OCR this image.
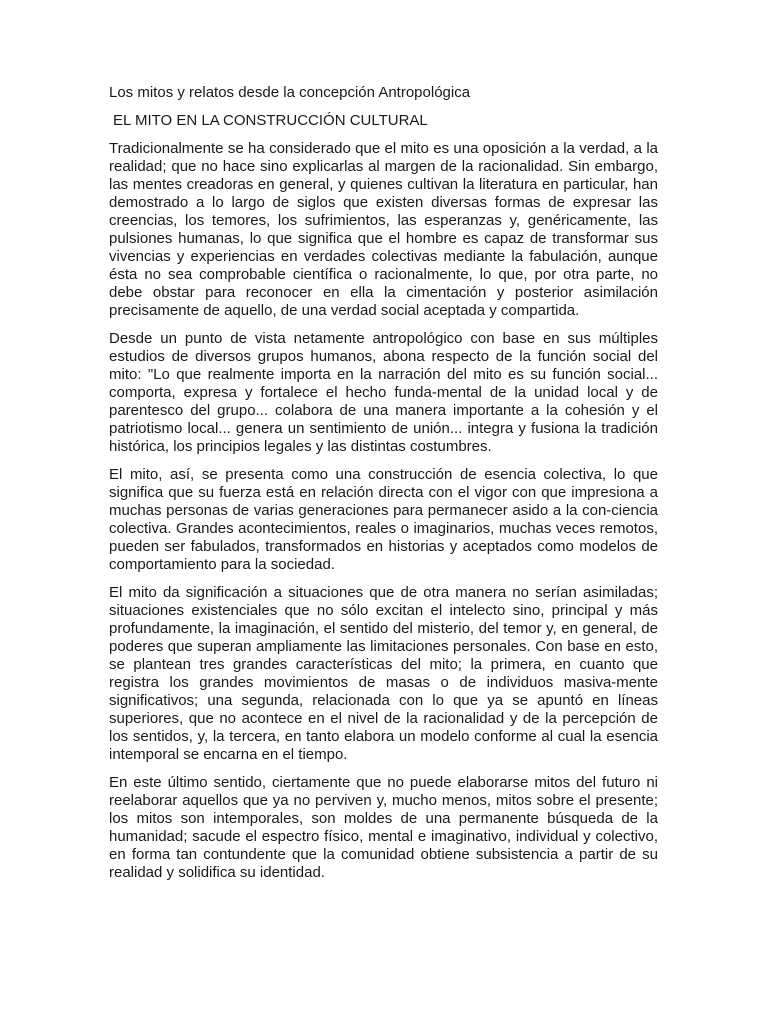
Los mitos y relatos desde la concepción Antropológica
EL MITO EN LA CONSTRUCCIÓN CULTURAL

Tradicionalmente se ha considerado que el mito es una oposición a la verdad, a la realidad; que no hace sino explicarlas al margen de la racionalidad. Sin embargo, las mentes creadoras en general, y quienes cultivan la literatura en particular, han demostrado a lo largo de siglos que existen diversas formas de expresar las creencias, los temores, los sufrimientos, las esperanzas y, genéricamente, las pulsiones humanas, lo que significa que el hombre es capaz de transformar sus vivencias y experiencias en verdades colectivas mediante la fabulación, aunque ésta no sea comprobable científica o racionalmente, lo que, por otra parte, no debe obstar para reconocer en ella la cimentación y posterior asimilación precisamente de aquello, de una verdad social aceptada y compartida.

Desde un punto de vista netamente antropológico con base en sus múltiples estudios de diversos grupos humanos, abona respecto de la función social del mito: "Lo que realmente importa en la narración del mito es su función social... comporta, expresa y fortalece el hecho funda-mental de la unidad local y de parentesco del grupo... colabora de una manera importante a la cohesión y el patriotismo local... genera un sentimiento de unión... integra y fusiona la tradición histórica, los principios legales y las distintas costumbres.

El mito, así, se presenta como una construcción de esencia colectiva, lo que significa que su fuerza está en relación directa con el vigor con que impresiona a muchas personas de varias generaciones para permanecer asido a la con-ciencia colectiva. Grandes acontecimientos, reales o imaginarios, muchas veces remotos, pueden ser fabulados, transformados en historias y aceptados como modelos de comportamiento para la sociedad.

El mito da significación a situaciones que de otra manera no serían asimiladas; situaciones existenciales que no sólo excitan el intelecto sino, principal y más profundamente, la imaginación, el sentido del misterio, del temor y, en general, de poderes que superan ampliamente las limitaciones personales. Con base en esto, se plantean tres grandes características del mito; la primera, en cuanto que registra los grandes movimientos de masas o de individuos masiva-mente significativos; una segunda, relacionada con lo que ya se apuntó en líneas superiores, que no acontece en el nivel de la racionalidad y de la percepción de los sentidos, y, la tercera, en tanto elabora un modelo conforme al cual la esencia intemporal se encarna en el tiempo.

En este último sentido, ciertamente que no puede elaborarse mitos del futuro ni reelaborar aquellos que ya no perviven y, mucho menos, mitos sobre el presente; los mitos son intemporales, son moldes de una permanente búsqueda de la humanidad; sacude el espectro físico, mental e imaginativo, individual y colectivo, en forma tan contundente que la comunidad obtiene subsistencia a partir de su realidad y solidifica su identidad.
